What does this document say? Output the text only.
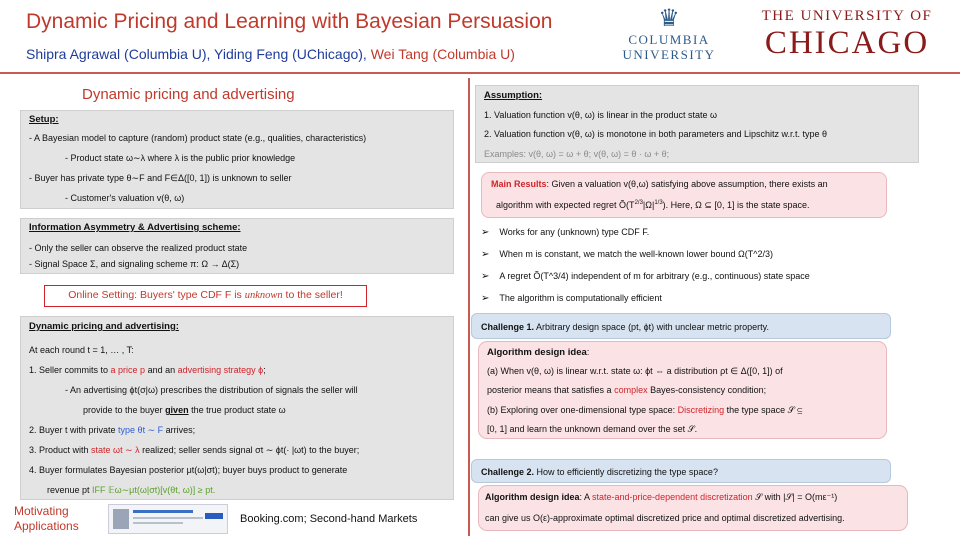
Dynamic Pricing and Learning with Bayesian Persuasion
Shipra Agrawal (Columbia U), Yiding Feng (UChicago), Wei Tang (Columbia U)
♛
COLUMBIA
UNIVERSITY
THE UNIVERSITY OF
CHICAGO
Dynamic pricing and advertising
Setup:
- A Bayesian model to capture (random) product state (e.g., qualities, characteristics)
- Product state ω∼λ where λ is the public prior knowledge
- Buyer has private type θ∼F and F∈Δ([0, 1]) is unknown to seller
- Customer's valuation v(θ, ω)
Information Asymmetry & Advertising scheme:
- Only the seller can observe the realized product state
- Signal Space Σ, and signaling scheme π: Ω → Δ(Σ)
Online Setting: Buyers' type CDF F is unknown to the seller!
Dynamic pricing and advertising:
At each round t = 1, … , T:
1. Seller commits to a price p and an advertising strategy ϕ;
- An advertising ϕt(σ|ω) prescribes the distribution of signals the seller will
provide to the buyer given the true product state ω
2. Buyer t with private type θt ∼ F arrives;
3. Product with state ωt ∼ λ realized; seller sends signal σt ∼ ϕt(· |ωt) to the buyer;
4. Buyer formulates Bayesian posterior μt(ω|σt); buyer buys product to generate
revenue pt IFF 𝔼ω∼μt(ω|σt)[v(θt, ω)] ≥ pt.
Motivating
Applications	Booking.com; Second-hand Markets
Assumption:
1. Valuation function v(θ, ω) is linear in the product state ω
2. Valuation function v(θ, ω) is monotone in both parameters and Lipschitz w.r.t. type θ
Examples: v(θ, ω) = ω + θ; v(θ, ω) = θ · ω + θ;
Main Results: Given a valuation v(θ,ω) satisfying above assumption, there exists an
algorithm with expected regret $Õ(T^{2/3}|\Omega|^{1/3})$. Here, Ω ⊆ [0, 1] is the state space.
➢ Works for any (unknown) type CDF F.
➢ When m is constant, we match the well-known lower bound Ω(T^2/3)
➢ A regret Õ(T^3/4) independent of m for arbitrary (e.g., continuous) state space
➢ The algorithm is computationally efficient
Challenge 1. Arbitrary design space (pt, ϕt) with unclear metric property.
Algorithm design idea:
(a) When v(θ, ω) is linear w.r.t. state ω: ϕt ⇔ a distribution ρt ∈ Δ([0, 1]) of
posterior means that satisfies a complex Bayes-consistency condition;
(b) Exploring over one-dimensional type space: Discretizing the type space 𝒮 ⊆
[0, 1] and learn the unknown demand over the set 𝒮.
Challenge 2. How to efficiently discretizing the type space?
Algorithm design idea: A state-and-price-dependent discretization 𝒮 with |𝒮| = O(mε⁻¹)
can give us O(ε)-approximate optimal discretized price and optimal discretized advertising.
